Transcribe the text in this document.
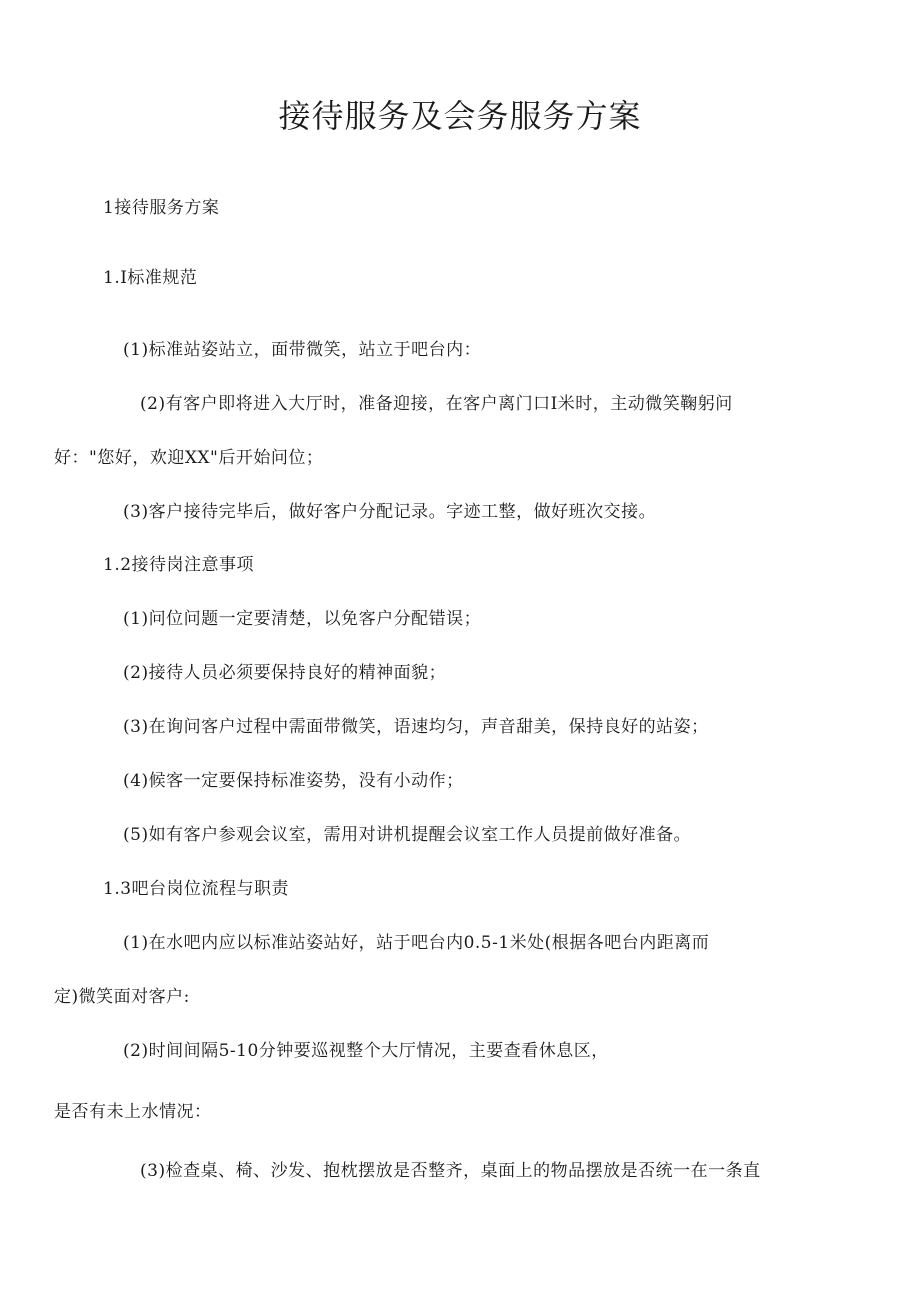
接待服务及会务服务方案
1接待服务方案
1.I标准规范
(1)标准站姿站立，面带微笑，站立于吧台内：
(2)有客户即将进入大厅时，准备迎接，在客户离门口I米时，主动微笑鞠躬问
好："您好，欢迎XX"后开始问位；
(3)客户接待完毕后，做好客户分配记录。字迹工整，做好班次交接。
1.2接待岗注意事项
(1)问位问题一定要清楚，以免客户分配错误；
(2)接待人员必须要保持良好的精神面貌；
(3)在询问客户过程中需面带微笑，语速均匀，声音甜美，保持良好的站姿；
(4)候客一定要保持标准姿势，没有小动作；
(5)如有客户参观会议室，需用对讲机提醒会议室工作人员提前做好准备。
1.3吧台岗位流程与职责
(1)在水吧内应以标准站姿站好，站于吧台内0.5-1米处(根据各吧台内距离而
定)微笑面对客户:
(2)时间间隔5-10分钟要巡视整个大厅情况，主要查看休息区，
是否有未上水情况：
(3)检查桌、椅、沙发、抱枕摆放是否整齐，桌面上的物品摆放是否统一在一条直
